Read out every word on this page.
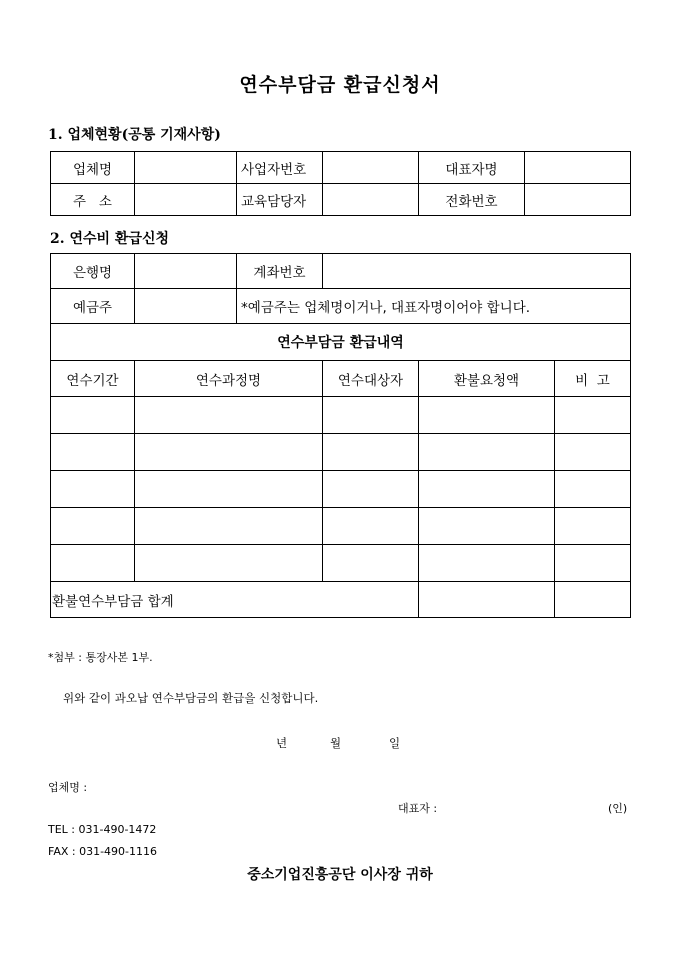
연수부담금 환급신청서
1. 업체현황(공통 기재사항)
업체명		사업자번호		대표자명	
주   소		교육담당자		전화번호	
2. 연수비 환급신청
은행명		계좌번호			
예금주		*예금주는 업체명이거나, 대표자명이어야 합니다.			
연수부담금 환급내역					
연수기간	연수과정명		연수대상자	환불요청액	비  고

환불연수부담금 합계					
*첨부 : 통장사본 1부.
위와 같이 과오납 연수부담금의 환급을 신청합니다.
년	월	일
업체명 :
대표자 :	(인)
TEL : 031-490-1472
FAX : 031-490-1116
중소기업진흥공단 이사장 귀하
